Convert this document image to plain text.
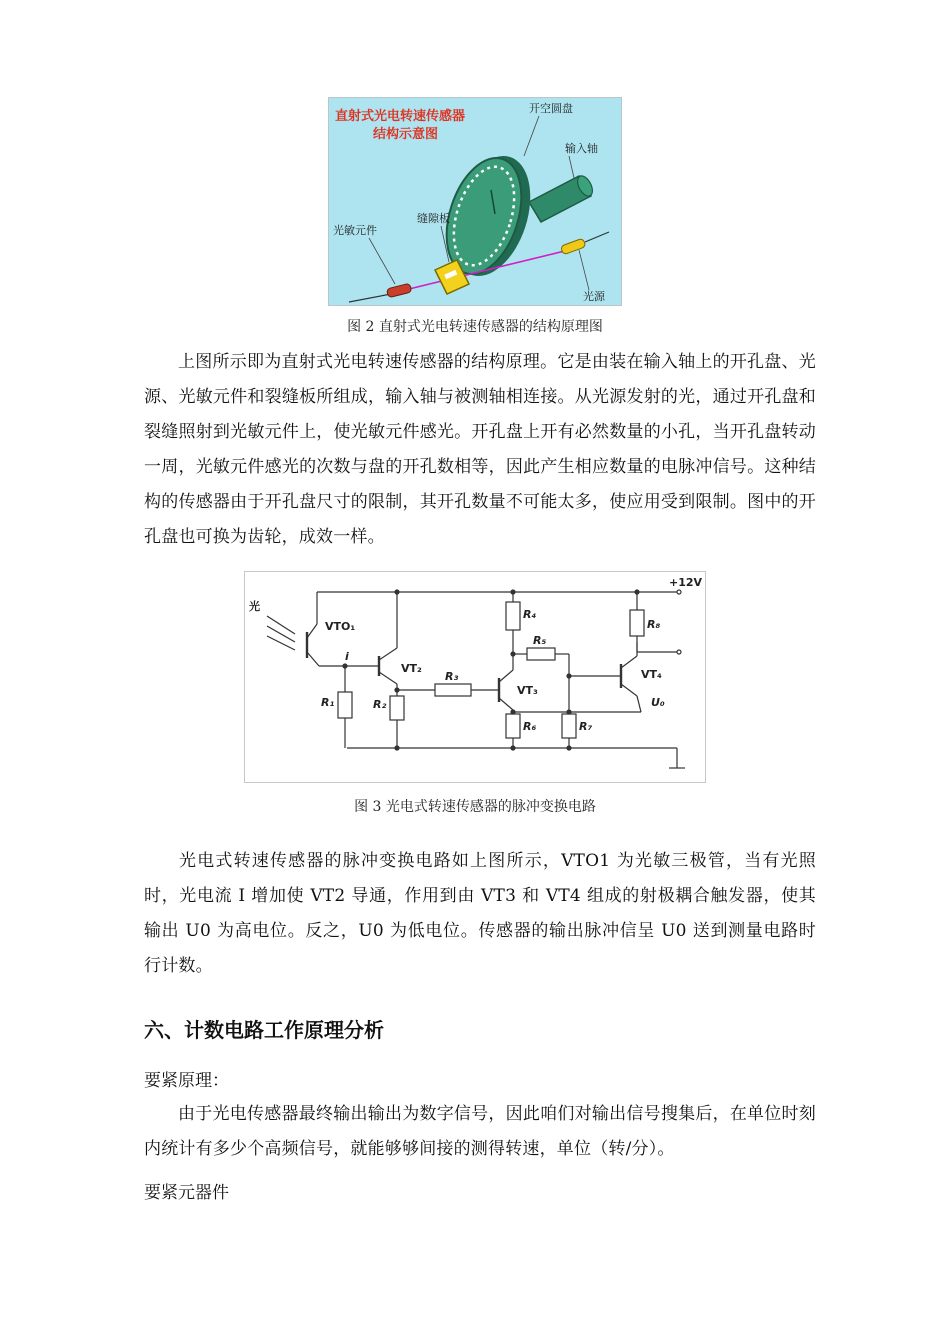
直射式光电转速传感器
结构示意图
开空圆盘
输入轴
缝隙板
光敏元件
光源
图 2 直射式光电转速传感器的结构原理图

上图所示即为直射式光电转速传感器的结构原理。它是由装在输入轴上的开孔盘、光源、光敏元件和裂缝板所组成，输入轴与被测轴相连接。从光源发射的光，通过开孔盘和裂缝照射到光敏元件上，使光敏元件感光。开孔盘上开有必然数量的小孔，当开孔盘转动一周，光敏元件感光的次数与盘的开孔数相等，因此产生相应数量的电脉冲信号。这种结构的传感器由于开孔盘尺寸的限制，其开孔数量不可能太多，使应用受到限制。图中的开孔盘也可换为齿轮，成效一样。

光
+12V
VTO₁
i
VT₂
VT₃
VT₄
R₁	R₂
R₃
R₄
R₅
R₆	R₇
R₈
U₀
图 3 光电式转速传感器的脉冲变换电路

光电式转速传感器的脉冲变换电路如上图所示，VTO1 为光敏三极管，当有光照时，光电流 I 增加使 VT2 导通，作用到由 VT3 和 VT4 组成的射极耦合触发器，使其输出 U0 为高电位。反之，U0 为低电位。传感器的输出脉冲信呈 U0 送到测量电路时行计数。

六、计数电路工作原理分析

要紧原理：

由于光电传感器最终输出输出为数字信号，因此咱们对输出信号搜集后，在单位时刻内统计有多少个高频信号，就能够够间接的测得转速，单位（转/分）。

要紧元器件
